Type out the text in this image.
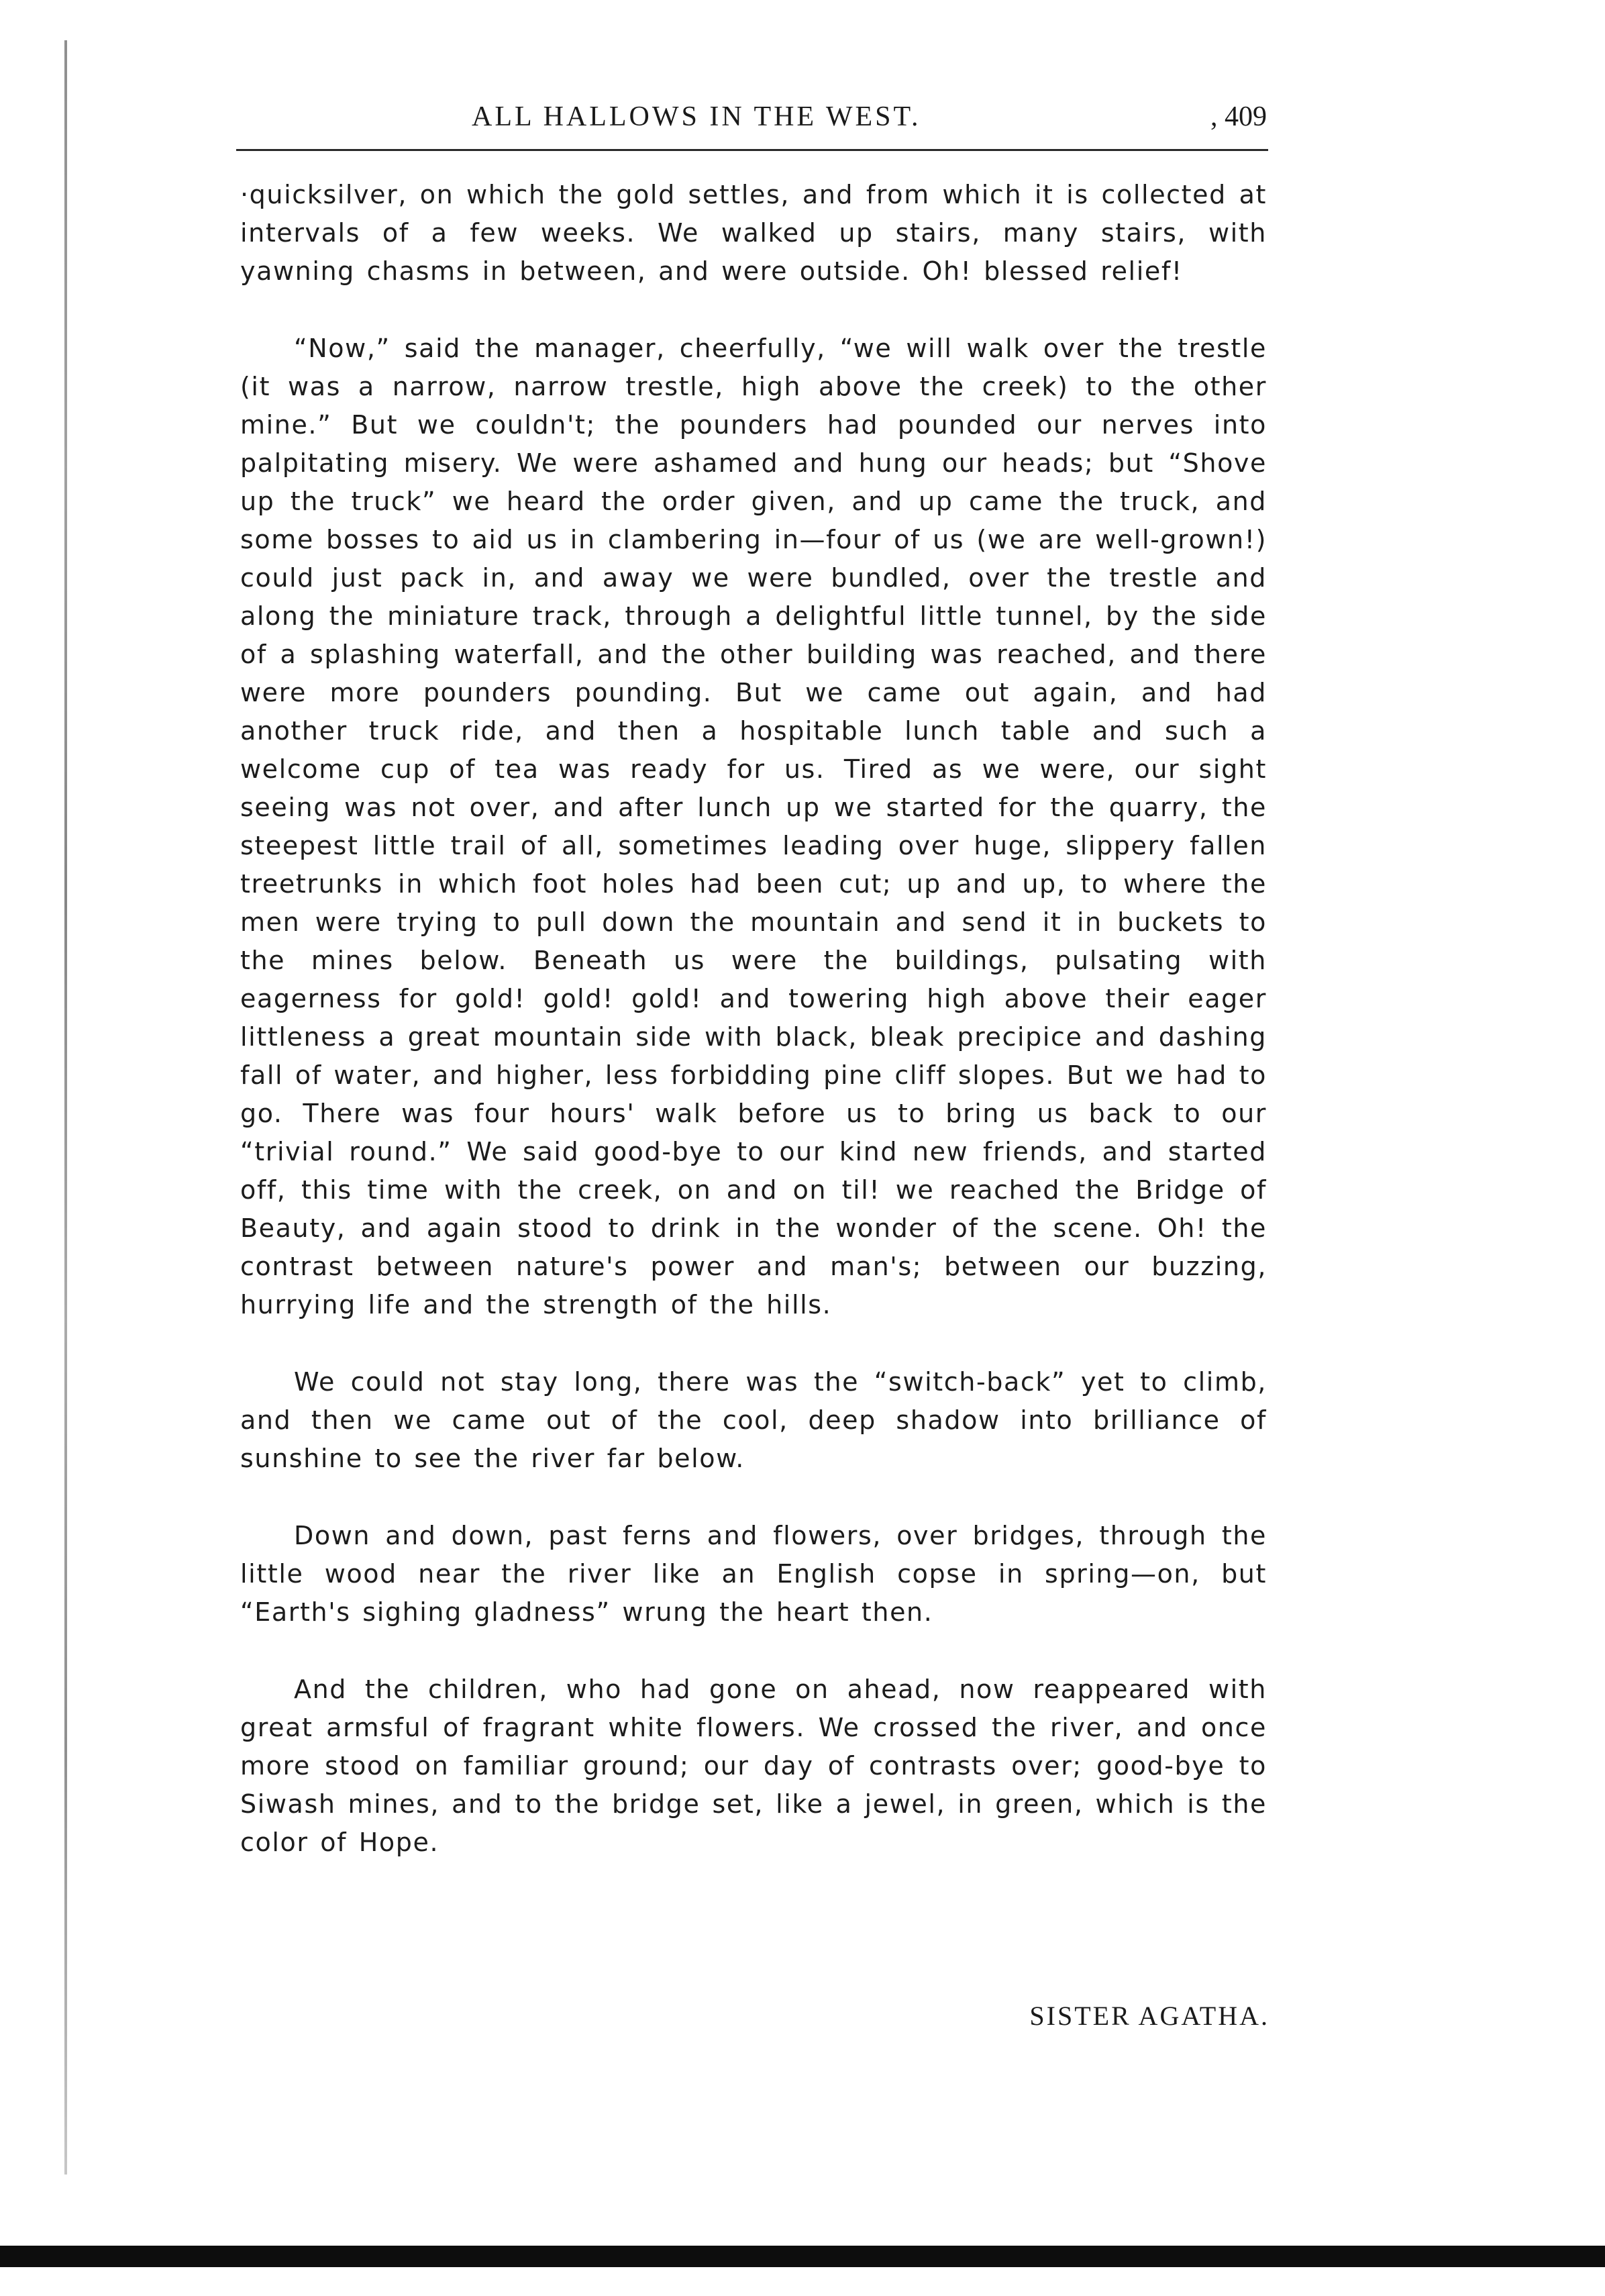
ALL HALLOWS IN THE WEST.	, 409

·quicksilver, on which the gold settles, and from which it is collected at intervals of a few weeks. We walked up stairs, many stairs, with yawning chasms in between, and were outside. Oh! blessed relief!

“Now,” said the manager, cheerfully, “we will walk over the trestle (it was a narrow, narrow trestle, high above the creek) to the other mine.” But we couldn't; the pounders had pounded our nerves into palpitating misery. We were ashamed and hung our heads; but “Shove up the truck” we heard the order given, and up came the truck, and some bosses to aid us in clambering in—four of us (we are well-grown!) could just pack in, and away we were bundled, over the trestle and along the miniature track, through a delightful little tunnel, by the side of a splashing waterfall, and the other building was reached, and there were more pounders pounding. But we came out again, and had another truck ride, and then a hospitable lunch table and such a welcome cup of tea was ready for us. Tired as we were, our sight seeing was not over, and after lunch up we started for the quarry, the steepest little trail of all, sometimes leading over huge, slippery fallen treetrunks in which foot holes had been cut; up and up, to where the men were trying to pull down the mountain and send it in buckets to the mines below. Beneath us were the buildings, pulsating with eagerness for gold! gold! gold! and towering high above their eager littleness a great mountain side with black, bleak precipice and dashing fall of water, and higher, less forbidding pine cliff slopes. But we had to go. There was four hours' walk before us to bring us back to our “trivial round.” We said good-bye to our kind new friends, and started off, this time with the creek, on and on til! we reached the Bridge of Beauty, and again stood to drink in the wonder of the scene. Oh! the contrast between nature's power and man's; between our buzzing, hurrying life and the strength of the hills.

We could not stay long, there was the “switch-back” yet to climb, and then we came out of the cool, deep shadow into brilliance of sunshine to see the river far below.

Down and down, past ferns and flowers, over bridges, through the little wood near the river like an English copse in spring—on, but “Earth's sighing gladness” wrung the heart then.

And the children, who had gone on ahead, now reappeared with great armsful of fragrant white flowers. We crossed the river, and once more stood on familiar ground; our day of contrasts over; good-bye to Siwash mines, and to the bridge set, like a jewel, in green, which is the color of Hope.

SISTER AGATHA.
